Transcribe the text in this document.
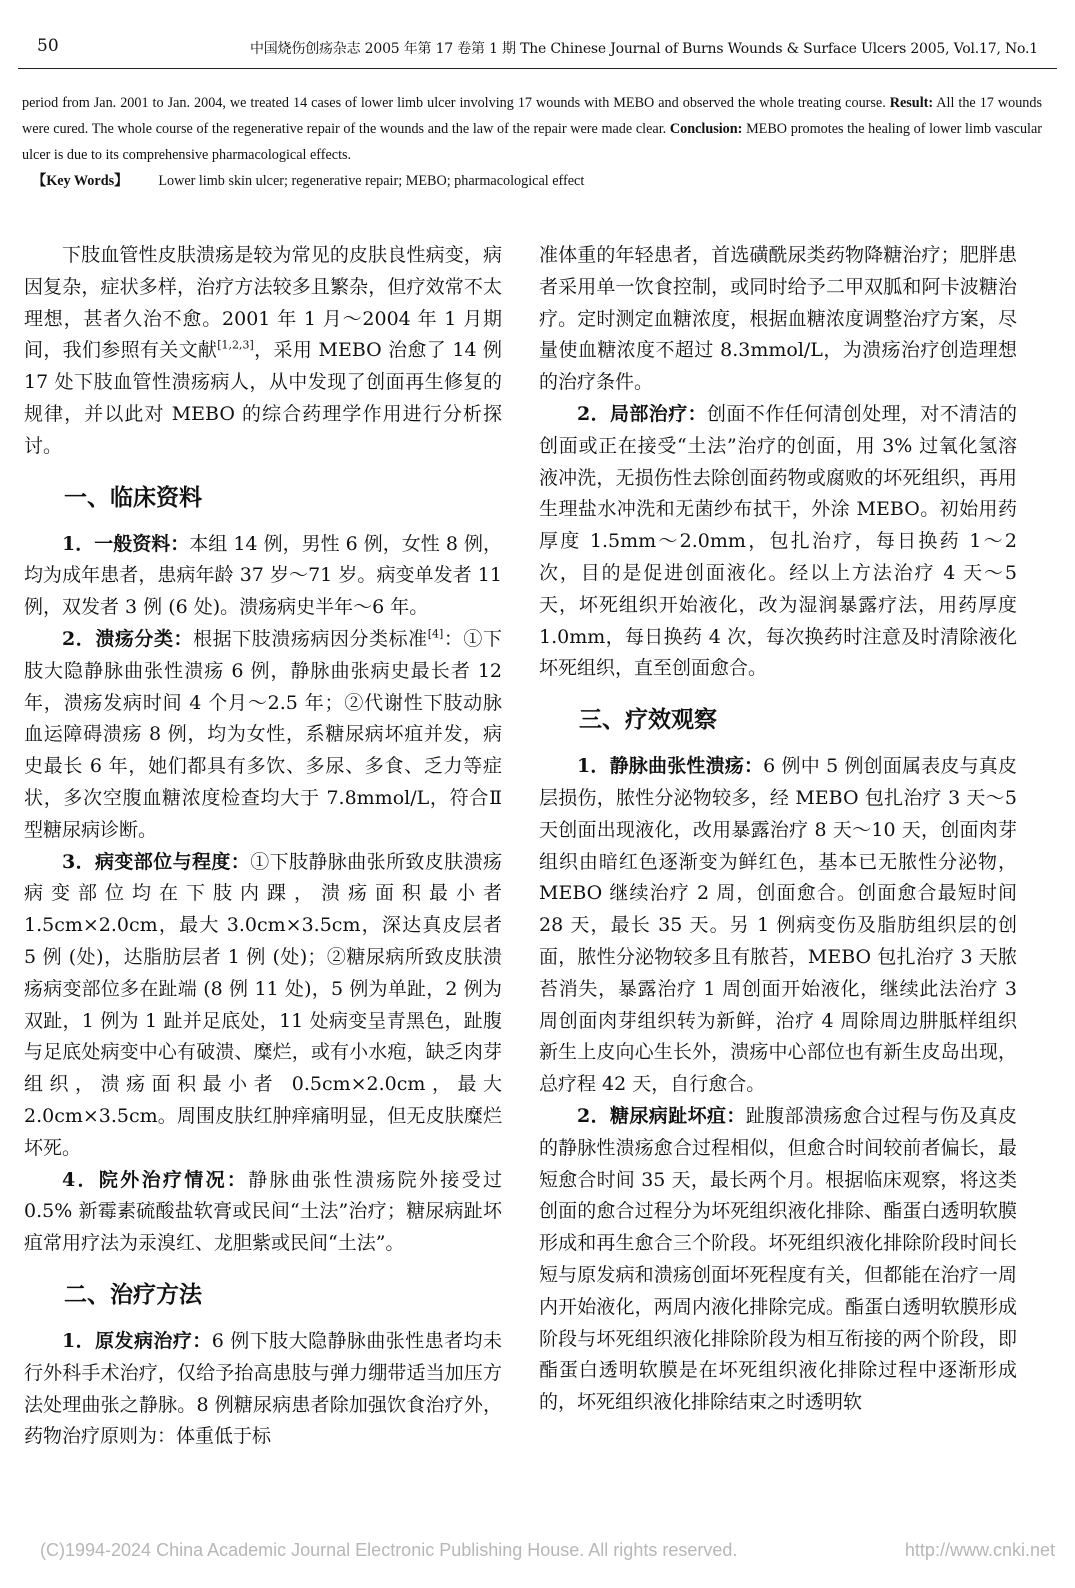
50	中国烧伤创疡杂志 2005 年第 17 卷第 1 期 The Chinese Journal of Burns Wounds & Surface Ulcers 2005, Vol.17, No.1
period from Jan. 2001 to Jan. 2004, we treated 14 cases of lower limb ulcer involving 17 wounds with MEBO and observed the whole treating course. Result: All the 17 wounds were cured. The whole course of the regenerative repair of the wounds and the law of the repair were made clear. Conclusion: MEBO promotes the healing of lower limb vascular ulcer is due to its comprehensive pharmacological effects.
【Key Words】 Lower limb skin ulcer; regenerative repair; MEBO; pharmacological effect

下肢血管性皮肤溃疡是较为常见的皮肤良性病变，病因复杂，症状多样，治疗方法较多且繁杂，但疗效常不太理想，甚者久治不愈。2001 年 1 月～2004 年 1 月期间，我们参照有关文献[1,2,3]，采用 MEBO 治愈了 14 例 17 处下肢血管性溃疡病人，从中发现了创面再生修复的规律，并以此对 MEBO 的综合药理学作用进行分析探讨。

一、临床资料

1．一般资料：本组 14 例，男性 6 例，女性 8 例，均为成年患者，患病年龄 37 岁～71 岁。病变单发者 11 例，双发者 3 例 (6 处)。溃疡病史半年～6 年。

2．溃疡分类：根据下肢溃疡病因分类标准[4]：①下肢大隐静脉曲张性溃疡 6 例，静脉曲张病史最长者 12 年，溃疡发病时间 4 个月～2.5 年；②代谢性下肢动脉血运障碍溃疡 8 例，均为女性，系糖尿病坏疽并发，病史最长 6 年，她们都具有多饮、多尿、多食、乏力等症状，多次空腹血糖浓度检查均大于 7.8mmol/L，符合Ⅱ型糖尿病诊断。

3．病变部位与程度：①下肢静脉曲张所致皮肤溃疡病变部位均在下肢内踝，溃疡面积最小者 1.5cm×2.0cm，最大 3.0cm×3.5cm，深达真皮层者 5 例 (处)，达脂肪层者 1 例 (处)；②糖尿病所致皮肤溃疡病变部位多在趾端 (8 例 11 处)，5 例为单趾，2 例为双趾，1 例为 1 趾并足底处，11 处病变呈青黑色，趾腹与足底处病变中心有破溃、糜烂，或有小水疱，缺乏肉芽组织，溃疡面积最小者 0.5cm×2.0cm，最大 2.0cm×3.5cm。周围皮肤红肿痒痛明显，但无皮肤糜烂坏死。

4．院外治疗情况：静脉曲张性溃疡院外接受过 0.5% 新霉素硫酸盐软膏或民间“土法”治疗；糖尿病趾坏疽常用疗法为汞溴红、龙胆紫或民间“土法”。

二、治疗方法

1．原发病治疗：6 例下肢大隐静脉曲张性患者均未行外科手术治疗，仅给予抬高患肢与弹力绷带适当加压方法处理曲张之静脉。8 例糖尿病患者除加强饮食治疗外，药物治疗原则为：体重低于标

准体重的年轻患者，首选磺酰尿类药物降糖治疗；肥胖患者采用单一饮食控制，或同时给予二甲双胍和阿卡波糖治疗。定时测定血糖浓度，根据血糖浓度调整治疗方案，尽量使血糖浓度不超过 8.3mmol/L，为溃疡治疗创造理想的治疗条件。

2．局部治疗：创面不作任何清创处理，对不清洁的创面或正在接受“土法”治疗的创面，用 3% 过氧化氢溶液冲洗，无损伤性去除创面药物或腐败的坏死组织，再用生理盐水冲洗和无菌纱布拭干，外涂 MEBO。初始用药厚度 1.5mm～2.0mm，包扎治疗，每日换药 1～2 次，目的是促进创面液化。经以上方法治疗 4 天～5 天，坏死组织开始液化，改为湿润暴露疗法，用药厚度 1.0mm，每日换药 4 次，每次换药时注意及时清除液化坏死组织，直至创面愈合。

三、疗效观察

1．静脉曲张性溃疡：6 例中 5 例创面属表皮与真皮层损伤，脓性分泌物较多，经 MEBO 包扎治疗 3 天～5 天创面出现液化，改用暴露治疗 8 天～10 天，创面肉芽组织由暗红色逐渐变为鲜红色，基本已无脓性分泌物，MEBO 继续治疗 2 周，创面愈合。创面愈合最短时间 28 天，最长 35 天。另 1 例病变伤及脂肪组织层的创面，脓性分泌物较多且有脓苔，MEBO 包扎治疗 3 天脓苔消失，暴露治疗 1 周创面开始液化，继续此法治疗 3 周创面肉芽组织转为新鲜，治疗 4 周除周边肼胝样组织新生上皮向心生长外，溃疡中心部位也有新生皮岛出现，总疗程 42 天，自行愈合。

2．糖尿病趾坏疽：趾腹部溃疡愈合过程与伤及真皮的静脉性溃疡愈合过程相似，但愈合时间较前者偏长，最短愈合时间 35 天，最长两个月。根据临床观察，将这类创面的愈合过程分为坏死组织液化排除、酯蛋白透明软膜形成和再生愈合三个阶段。坏死组织液化排除阶段时间长短与原发病和溃疡创面坏死程度有关，但都能在治疗一周内开始液化，两周内液化排除完成。酯蛋白透明软膜形成阶段与坏死组织液化排除阶段为相互衔接的两个阶段，即酯蛋白透明软膜是在坏死组织液化排除过程中逐渐形成的，坏死组织液化排除结束之时透明软

(C)1994-2024 China Academic Journal Electronic Publishing House. All rights reserved.	http://www.cnki.net
